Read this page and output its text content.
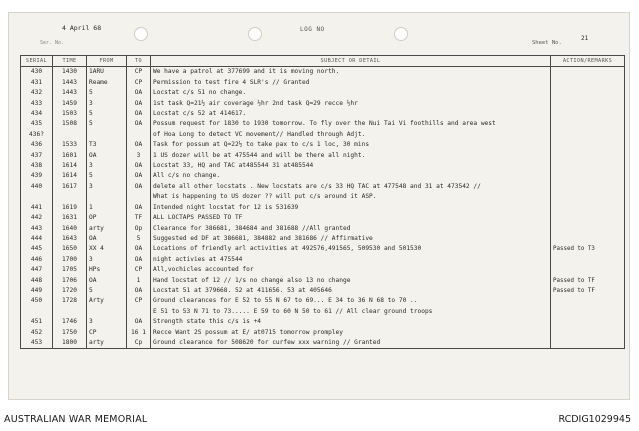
4 April 68	LOG NO
Ser. No.	Sheet No.
21
SERIAL	TIME	FROM	TO	SUBJECT OR DETAIL	ACTION/REMARKS
430	1430	1ARU	CP	We have a patrol at 377699 and it is moving north.	
431	1443	Reame	CP	Permission to test fire 4 SLR's // Granted	
432	1443	5	OA	Locstat c/s 51 no change.	
433	1459	3	OA	1st task Q=21½ air coverage ½hr 2nd task Q=29 recce ½hr	
434	1503	5	OA	Locstat c/s 52 at 414617.	
435	1508	5	OA	Possum request for 1830 to 1930 tomorrow. To fly over the Nui Tai Vi foothills and area west	
436?				of Hoa Long to detect VC movement// Handled through Adjt.	
436	1533	T3	OA	Task for possum at Q=22½ to take pax to c/s 1 loc, 30 mins	
437	1601	OA	3	1 US dozer will be at 475544 and will be there all night.	
438	1614	3	OA	Locstat 33, HQ and TAC at485544 31 at485544	
439	1614	5	OA	All c/s no change.	
440	1617	3	OA	delete all other locstats . New locstats are c/s 33 HQ TAC at 477548 and 31 at 473542 //	
				What is happening to US dozer ?? will put c/s around it ASP.	
441	1619	1	OA	Intended night locstat for 12 is 531639	
442	1631	OP	TF	ALL LOCTAPS PASSED TO TF	
443	1640	arty	Op	Clearance for 386681, 384684 and 381688 //All granted	
444	1643	OA	5	Suggested ed DF at 386681, 384882 and 381686 // Affirmative	
445	1650	XX 4	OA	Locations of friendly arl activities at 492576,491565, 509530 and 501530	Passed to T3
446	1700	3	OA	night activies at 475544	
447	1705	HPs	CP	All,vochicles accounted for	
448	1706	OA	1	Hand locstat of 12 // 1/s no change also 13 no change	Passed to TF
449	1720	5	OA	Locstat 51 at 379668. 52 at 411656. 53 at 405646	Passed to TF
450	1728	Arty	CP	Ground clearances for E 52 to 55 N 67 to 69... E 34 to 36 N 68 to 70 ..	
				E 51 to 53 N 71 to 73..... E 59 to 60 N 50 to 61 // All clear ground troops	
451	1746	3	OA	Strength state this c/s is +4	
452	1750	CP	16 1	Recce Want 2S possum at E/ at0715 tomorrow prompley	
453	1800	arty	Cp	Ground clearance for 508620 for curfew xxx warning // Granted	
AUSTRALIAN WAR MEMORIAL	RCDIG1029945
